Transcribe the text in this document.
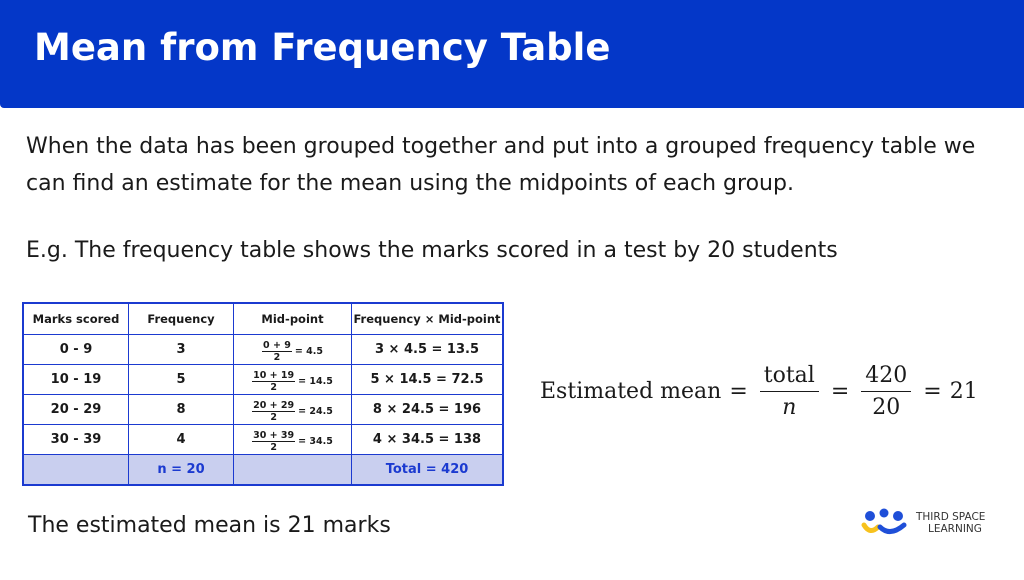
Mean from Frequency Table

When the data has been grouped together and put into a grouped frequency table we can find an estimate for the mean using the midpoints of each group.

E.g. The frequency table shows the marks scored in a test by 20 students

Marks scored	Frequency	Mid-point	Frequency × Mid-point
0 - 9	3	$\frac{0 + 9}{2} = 4.5$	3 × 4.5 = 13.5
10 - 19	5	$\frac{10 + 19}{2} = 14.5$	5 × 14.5 = 72.5
20 - 29	8	$\frac{20 + 29}{2} = 24.5$	8 × 24.5 = 196
30 - 39	4	$\frac{30 + 39}{2} = 34.5$	4 × 34.5 = 138
	n = 20		Total = 420
Estimated mean =
total
n
= $\frac{420}{20} = 21$

The estimated mean is 21 marks	THIRD SPACE
LEARNING
